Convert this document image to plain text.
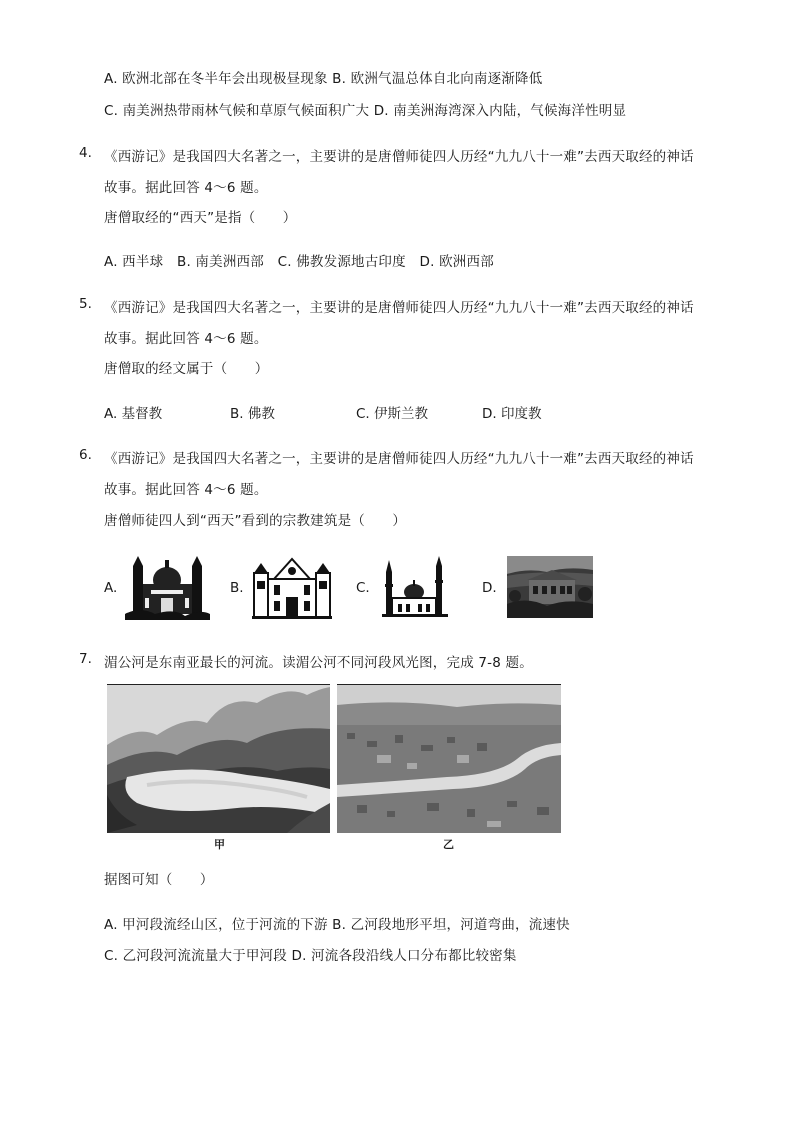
A. 欧洲北部在冬半年会出现极昼现象 B. 欧洲气温总体自北向南逐渐降低
C. 南美洲热带雨林气候和草原气候面积广大 D. 南美洲海湾深入内陆，气候海洋性明显
4. 《西游记》是我国四大名著之一，主要讲的是唐僧师徒四人历经“九九八十一难”去西天取经的神话
故事。据此回答 4～6 题。
唐僧取经的“西天”是指（　　）
A. 西半球　B. 南美洲西部　C. 佛教发源地古印度　D. 欧洲西部
5. 《西游记》是我国四大名著之一，主要讲的是唐僧师徒四人历经“九九八十一难”去西天取经的神话
故事。据此回答 4～6 题。
唐僧取的经文属于（　　）
A. 基督教	B. 佛教	C. 伊斯兰教	D. 印度教
6. 《西游记》是我国四大名著之一，主要讲的是唐僧师徒四人历经“九九八十一难”去西天取经的神话
故事。据此回答 4～6 题。
唐僧师徒四人到“西天”看到的宗教建筑是（　　）
A.	B.	C.	D.
7. 湄公河是东南亚最长的河流。读湄公河不同河段风光图，完成 7-8 题。
甲	乙
据图可知（　　）
A. 甲河段流经山区，位于河流的下游 B. 乙河段地形平坦，河道弯曲，流速快
C. 乙河段河流流量大于甲河段 D. 河流各段沿线人口分布都比较密集
